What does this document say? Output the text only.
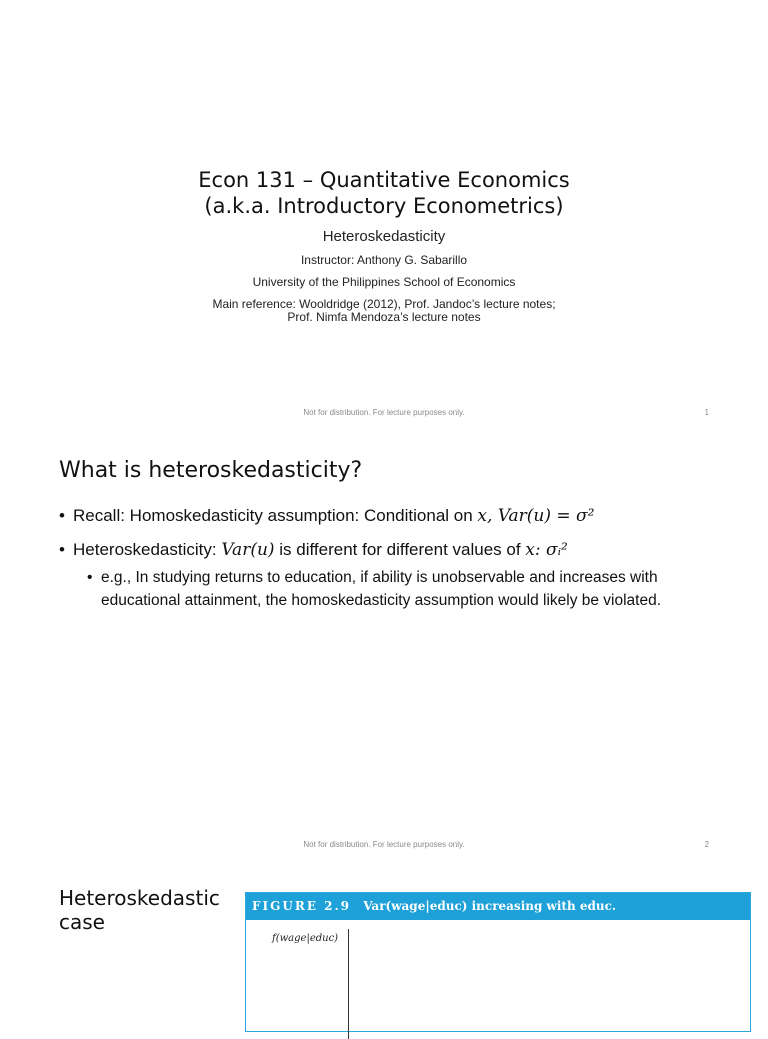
Econ 131 – Quantitative Economics
(a.k.a. Introductory Econometrics)
Heteroskedasticity
Instructor: Anthony G. Sabarillo
University of the Philippines School of Economics
Main reference: Wooldridge (2012), Prof. Jandoc’s lecture notes;
Prof. Nimfa Mendoza’s lecture notes
Not for distribution. For lecture purposes only.	1
What is heteroskedasticity?
• Recall: Homoskedasticity assumption: Conditional on x, Var(u) = σ²
• Heteroskedasticity: Var(u) is different for different values of x: σᵢ²
• e.g., In studying returns to education, if ability is unobservable and increases with educational attainment, the homoskedasticity assumption would likely be violated.
Not for distribution. For lecture purposes only.	2
Heteroskedastic case
FIGURE 2.9 Var(wage|educ) increasing with educ.
f(wage|educ)
